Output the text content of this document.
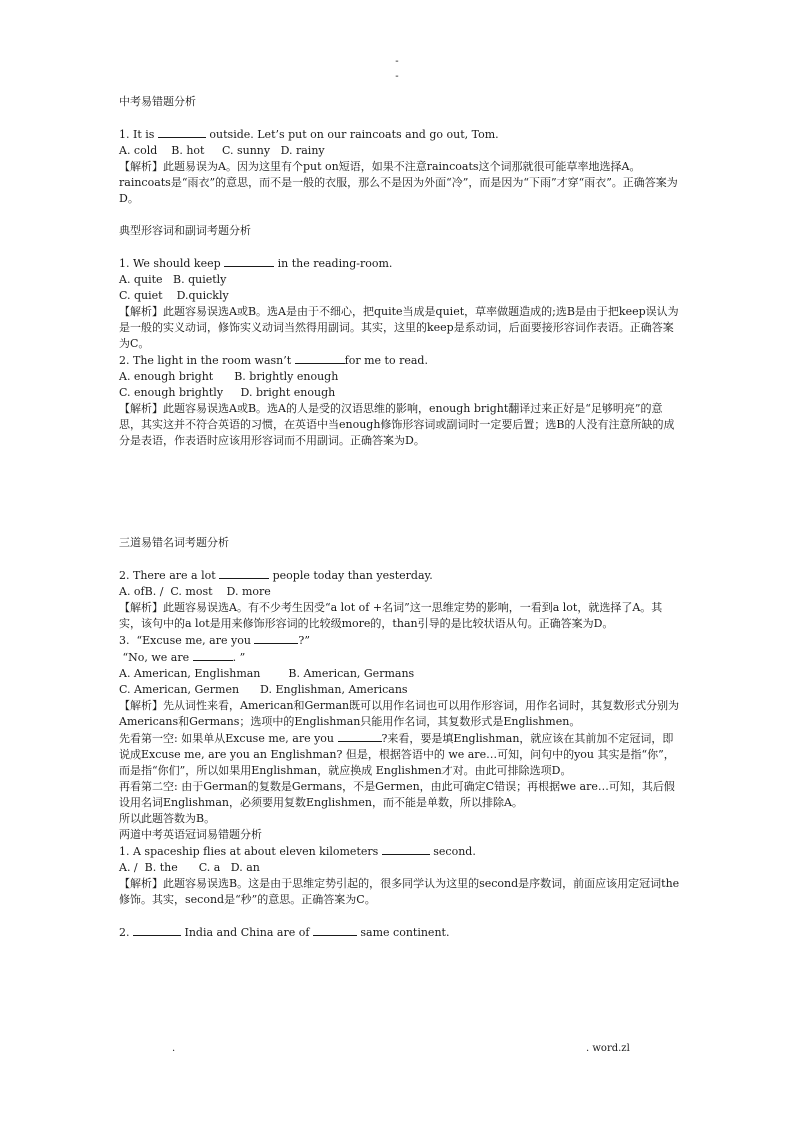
-
-

中考易错题分析

1. It is	outside. Let’s put on our raincoats and go out, Tom.

A. cold    B. hot     C. sunny   D. rainy

【解析】此题易误为A。因为这里有个put on短语，如果不注意raincoats这个词那就很可能草率地选择A。raincoats是“雨衣”的意思，而不是一般的衣服，那么不是因为外面“冷”，而是因为“下雨”才穿“雨衣”。正确答案为D。

典型形容词和副词考题分析

1. We should keep	in the reading-room.

A. quite   B. quietly

C. quiet    D.quickly

【解析】此题容易误选A或B。选A是由于不细心，把quite当成是quiet，草率做题造成的;选B是由于把keep误认为是一般的实义动词，修饰实义动词当然得用副词。其实，这里的keep是系动词，后面要接形容词作表语。正确答案为C。

2. The light in the room wasn’t	for me to read.

A. enough bright      B. brightly enough

C. enough brightly     D. bright enough

【解析】此题容易误选A或B。选A的人是受的汉语思维的影响，enough bright翻译过来正好是“足够明亮”的意思，其实这并不符合英语的习惯，在英语中当enough修饰形容词或副词时一定要后置；选B的人没有注意所缺的成分是表语，作表语时应该用形容词而不用副词。正确答案为D。

三道易错名词考题分析

2. There are a lot	people today than yesterday.

A. ofB. /  C. most    D. more

【解析】此题容易误选A。有不少考生因受“a lot of +名词”这一思维定势的影响，一看到a lot，就选择了A。其实，该句中的a lot是用来修饰形容词的比较级more的，than引导的是比较状语从句。正确答案为D。

3.  “Excuse me, are you	?”

“No, we are	. ”

A. American, Englishman        B. American, Germans

C. American, Germen      D. Englishman, Americans

【解析】先从词性来看，American和German既可以用作名词也可以用作形容词，用作名词时，其复数形式分别为Americans和Germans；选项中的Englishman只能用作名词，其复数形式是Englishmen。

先看第一空: 如果单从Excuse me, are you	?来看，要是填Englishman，就应该在其前加不定冠词，即说成Excuse me, are you an Englishman? 但是，根据答语中的 we are…可知，问句中的you 其实是指“你”，而是指“你们”，所以如果用Englishman，就应换成 Englishmen才对。由此可排除选项D。

再看第二空: 由于German的复数是Germans，不是Germen，由此可确定C错误；再根据we are…可知，其后假设用名词Englishman，必须要用复数Englishmen，而不能是单数，所以排除A。

所以此题答数为B。

两道中考英语冠词易错题分析

1. A spaceship flies at about eleven kilometers	second.

A. /  B. the      C. a   D. an

【解析】此题容易误选B。这是由于思维定势引起的，很多同学认为这里的second是序数词，前面应该用定冠词the修饰。其实，second是“秒”的意思。正确答案为C。

2.	India and China are of	same continent.

.	. word.zl
